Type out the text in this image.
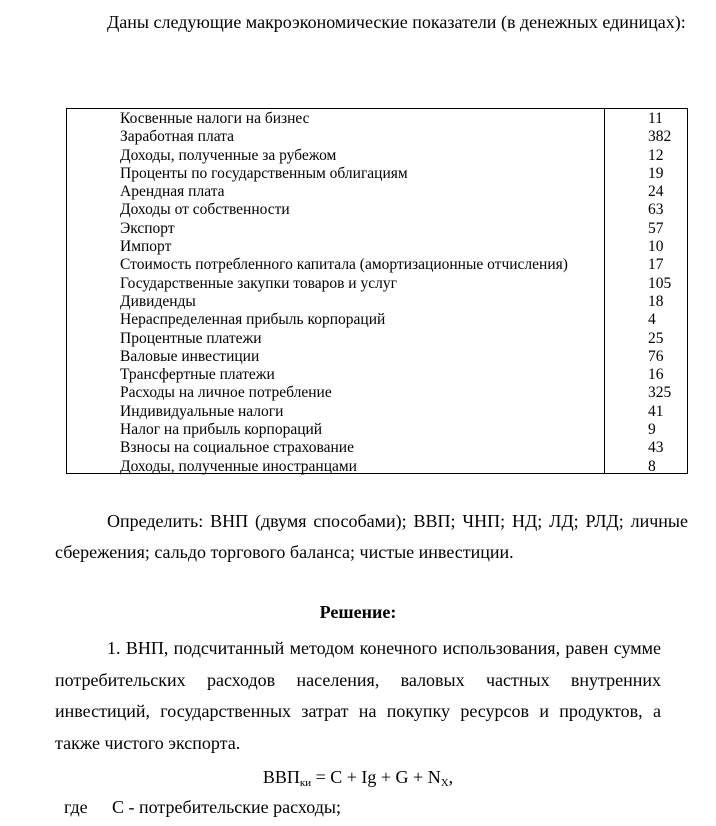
Даны следующие макроэкономические показатели (в денежных единицах):
Косвенные налоги на бизнес	11
Заработная плата	382
Доходы, полученные за рубежом	12
Проценты по государственным облигациям	19
Арендная плата	24
Доходы от собственности	63
Экспорт	57
Импорт	10
Стоимость потребленного капитала (амортизационные отчисления)	17
Государственные закупки товаров и услуг	105
Дивиденды	18
Нераспределенная прибыль корпораций	4
Процентные платежи	25
Валовые инвестиции	76
Трансфертные платежи	16
Расходы на личное потребление	325
Индивидуальные налоги	41
Налог на прибыль корпораций	9
Взносы на социальное страхование	43
Доходы, полученные иностранцами	8
Определить: ВНП (двумя способами); ВВП; ЧНП; НД; ЛД; РЛД; личные сбережения; сальдо торгового баланса; чистые инвестиции.
Решение:
1. ВНП, подсчитанный методом конечного использования, равен сумме потребительских расходов населения, валовых частных внутренних инвестиций, государственных затрат на покупку ресурсов и продуктов, а также чистого экспорта.
$ВВП_{ки} = C + Ig + G + N_X$,
где C - потребительские расходы;
